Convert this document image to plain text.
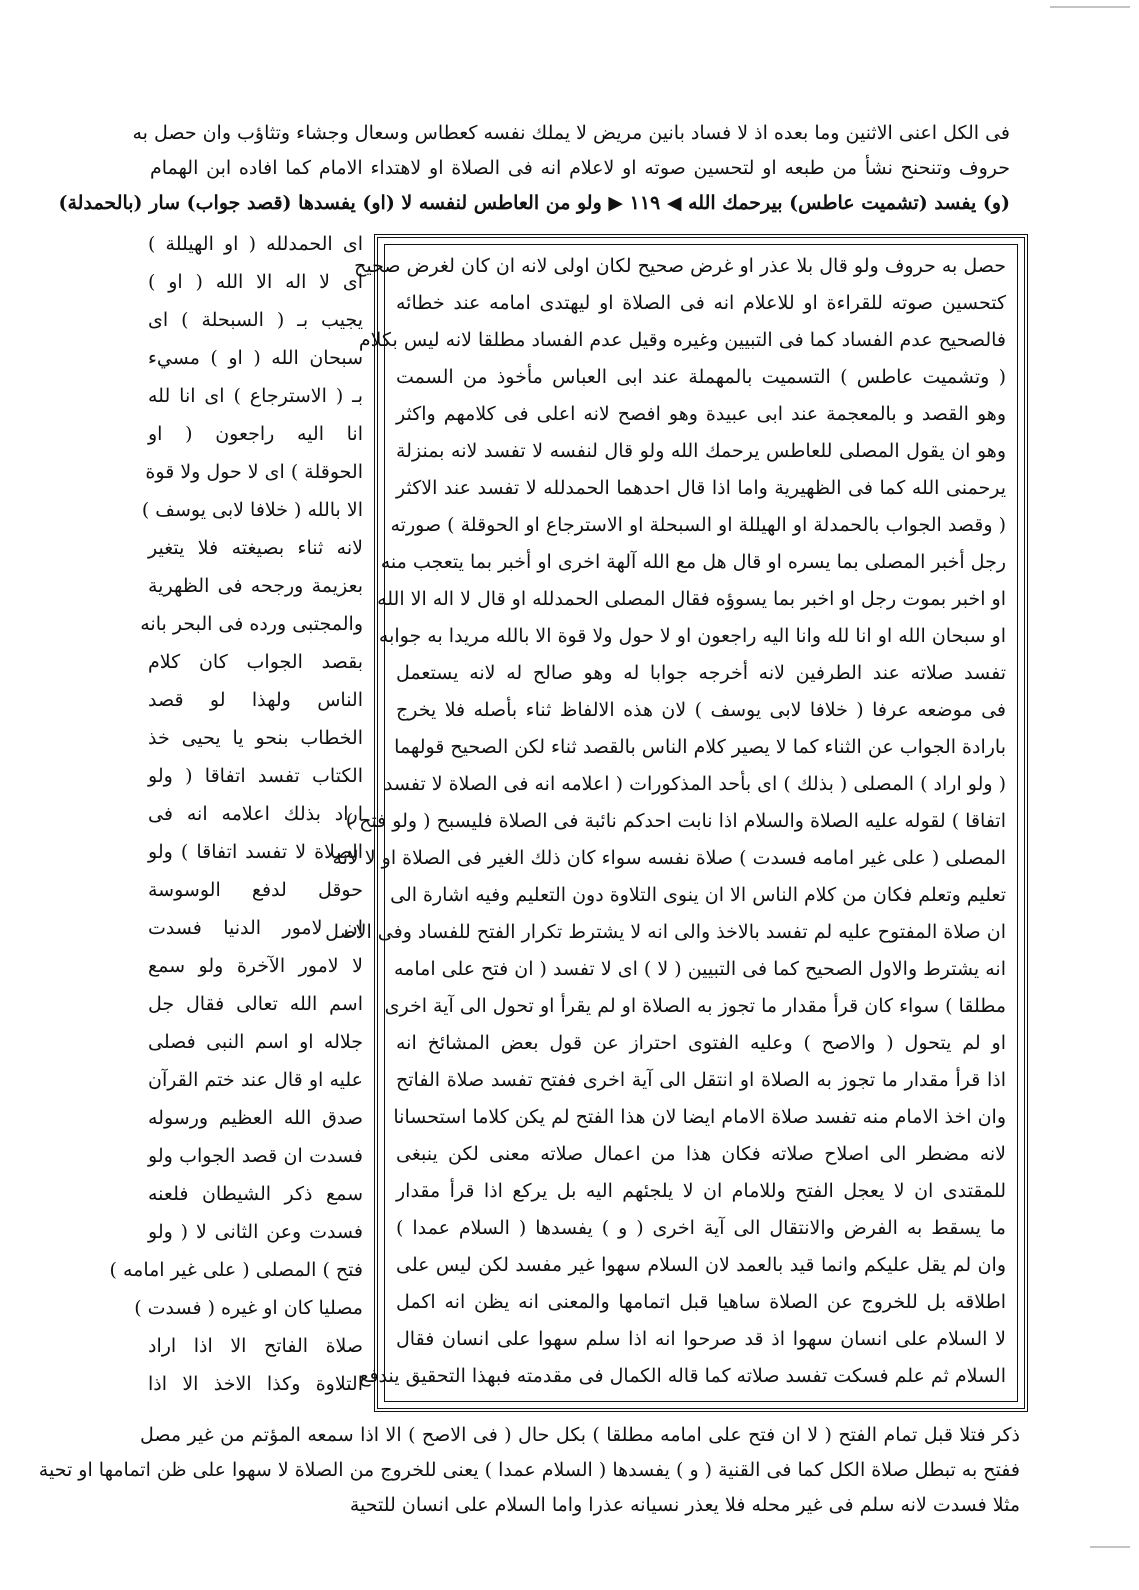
فى الكل اعنى الاثنين وما بعده اذ لا فساد بانين مريض لا يملك نفسه كعطاس وسعال وجشاء وتثاؤب وان حصل به
حروف وتنحنح نشأ من طبعه او لتحسين صوته او لاعلام انه فى الصلاة او لاهتداء الامام كما افاده ابن الهمام
(و) يفسد (تشميت عاطس) بيرحمك الله ◀ ١١٩ ▶ ولو من العاطس لنفسه لا (او) يفسدها (قصد جواب) سار (بالحمدلة)
حصل به حروف ولو قال بلا عذر او غرض صحيح لكان اولى لانه ان كان لغرض صحيح
كتحسين صوته للقراءة او للاعلام انه فى الصلاة او ليهتدى امامه عند خطائه
فالصحيح عدم الفساد كما فى التبيين وغيره وقيل عدم الفساد مطلقا لانه ليس بكلام
( وتشميت عاطس ) التسميت بالمهملة عند ابى العباس مأخوذ من السمت
وهو القصد و بالمعجمة عند ابى عبيدة وهو افصح لانه اعلى فى كلامهم واكثر
وهو ان يقول المصلى للعاطس يرحمك الله ولو قال لنفسه لا تفسد لانه بمنزلة
يرحمنى الله كما فى الظهيرية واما اذا قال احدهما الحمدلله لا تفسد عند الاكثر
( وقصد الجواب بالحمدلة او الهيللة او السبحلة او الاسترجاع او الحوقلة ) صورته
رجل أخبر المصلى بما يسره او قال هل مع الله آلهة اخرى او أخبر بما يتعجب منه
او اخبر بموت رجل او اخبر بما يسوؤه فقال المصلى الحمدلله او قال لا اله الا الله
او سبحان الله او انا لله وانا اليه راجعون او لا حول ولا قوة الا بالله مريدا به جوابه
تفسد صلاته عند الطرفين لانه أخرجه جوابا له وهو صالح له لانه يستعمل
فى موضعه عرفا ( خلافا لابى يوسف ) لان هذه الالفاظ ثناء بأصله فلا يخرج
بارادة الجواب عن الثناء كما لا يصير كلام الناس بالقصد ثناء لكن الصحيح قولهما
( ولو اراد ) المصلى ( بذلك ) اى بأحد المذكورات ( اعلامه انه فى الصلاة لا تفسد
اتفاقا ) لقوله عليه الصلاة والسلام اذا نابت احدكم نائبة فى الصلاة فليسبح ( ولو فتح )
المصلى ( على غير امامه فسدت ) صلاة نفسه سواء كان ذلك الغير فى الصلاة او لا لانه
تعليم وتعلم فكان من كلام الناس الا ان ينوى التلاوة دون التعليم وفيه اشارة الى
ان صلاة المفتوح عليه لم تفسد بالاخذ والى انه لا يشترط تكرار الفتح للفساد وفى الاصل
انه يشترط والاول الصحيح كما فى التبيين ( لا ) اى لا تفسد ( ان فتح على امامه
مطلقا ) سواء كان قرأ مقدار ما تجوز به الصلاة او لم يقرأ او تحول الى آية اخرى
او لم يتحول ( والاصح ) وعليه الفتوى احتراز عن قول بعض المشائخ انه
اذا قرأ مقدار ما تجوز به الصلاة او انتقل الى آية اخرى ففتح تفسد صلاة الفاتح
وان اخذ الامام منه تفسد صلاة الامام ايضا لان هذا الفتح لم يكن كلاما استحسانا
لانه مضطر الى اصلاح صلاته فكان هذا من اعمال صلاته معنى لكن ينبغى
للمقتدى ان لا يعجل الفتح وللامام ان لا يلجئهم اليه بل يركع اذا قرأ مقدار
ما يسقط به الفرض والانتقال الى آية اخرى ( و ) يفسدها ( السلام عمدا )
وان لم يقل عليكم وانما قيد بالعمد لان السلام سهوا غير مفسد لكن ليس على
اطلاقه بل للخروج عن الصلاة ساهيا قبل اتمامها والمعنى انه يظن انه اكمل
لا السلام على انسان سهوا اذ قد صرحوا انه اذا سلم سهوا على انسان فقال
السلام ثم علم فسكت تفسد صلاته كما قاله الكمال فى مقدمته فبهذا التحقيق يندفع
اى الحمدلله ( او الهيللة )
اى لا اله الا الله ( او )
يجيب بـ ( السبحلة ) اى
سبحان الله ( او ) مسيء
بـ ( الاسترجاع ) اى انا لله
انا اليه راجعون ( او
الحوقلة ) اى لا حول ولا قوة
الا بالله ( خلافا لابى يوسف )
لانه ثناء بصيغته فلا يتغير
بعزيمة ورجحه فى الظهرية
والمجتبى ورده فى البحر بانه
بقصد الجواب كان كلام
الناس ولهذا لو قصد
الخطاب بنحو يا يحيى خذ
الكتاب تفسد اتفاقا ( ولو
اراد بذلك اعلامه انه فى
الصلاة لا تفسد اتفاقا ) ولو
حوقل لدفع الوسوسة
ان لامور الدنيا فسدت
لا لامور الآخرة ولو سمع
اسم الله تعالى فقال جل
جلاله او اسم النبى فصلى
عليه او قال عند ختم القرآن
صدق الله العظيم ورسوله
فسدت ان قصد الجواب ولو
سمع ذكر الشيطان فلعنه
فسدت وعن الثانى لا ( ولو
فتح ) المصلى ( على غير امامه )
مصليا كان او غيره ( فسدت )
صلاة الفاتح الا اذا اراد
التلاوة وكذا الاخذ الا اذا
ذكر فتلا قبل تمام الفتح ( لا ان فتح على امامه مطلقا ) بكل حال ( فى الاصح ) الا اذا سمعه المؤتم من غير مصل
ففتح به تبطل صلاة الكل كما فى القنية ( و ) يفسدها ( السلام عمدا ) يعنى للخروج من الصلاة لا سهوا على ظن اتمامها او تحية
مثلا فسدت لانه سلم فى غير محله فلا يعذر نسيانه عذرا واما السلام على انسان للتحية
